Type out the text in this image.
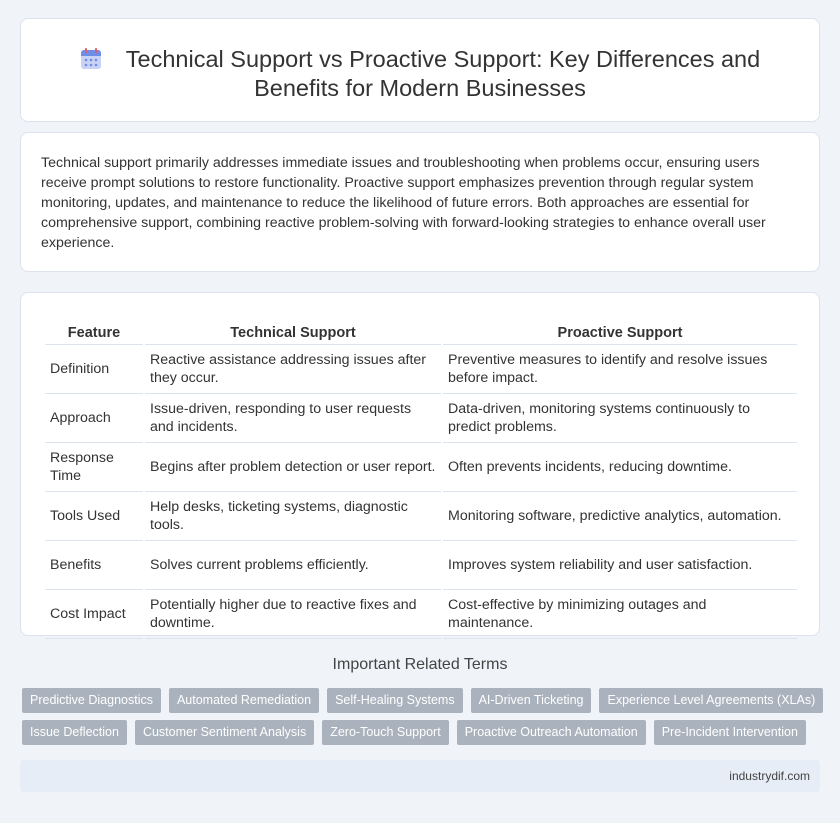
Technical Support vs Proactive Support: Key Differences and
Benefits for Modern Businesses

Technical support primarily addresses immediate issues and troubleshooting when problems occur, ensuring users receive prompt solutions to restore functionality. Proactive support emphasizes prevention through regular system monitoring, updates, and maintenance to reduce the likelihood of future errors. Both approaches are essential for comprehensive support, combining reactive problem-solving with forward-looking strategies to enhance overall user experience.

Feature	Technical Support	Proactive Support
Definition	Reactive assistance addressing issues after they occur.	Preventive measures to identify and resolve issues before impact.
Approach	Issue-driven, responding to user requests and incidents.	Data-driven, monitoring systems continuously to predict problems.
Response Time	Begins after problem detection or user report.	Often prevents incidents, reducing downtime.
Tools Used	Help desks, ticketing systems, diagnostic tools.	Monitoring software, predictive analytics, automation.
Benefits	Solves current problems efficiently.	Improves system reliability and user satisfaction.
Cost Impact	Potentially higher due to reactive fixes and downtime.	Cost-effective by minimizing outages and maintenance.
Important Related Terms
Predictive Diagnostics	Automated Remediation	Self-Healing Systems	AI-Driven Ticketing	Experience Level Agreements (XLAs)
Issue Deflection	Customer Sentiment Analysis	Zero-Touch Support	Proactive Outreach Automation	Pre-Incident Intervention
industrydif.com
